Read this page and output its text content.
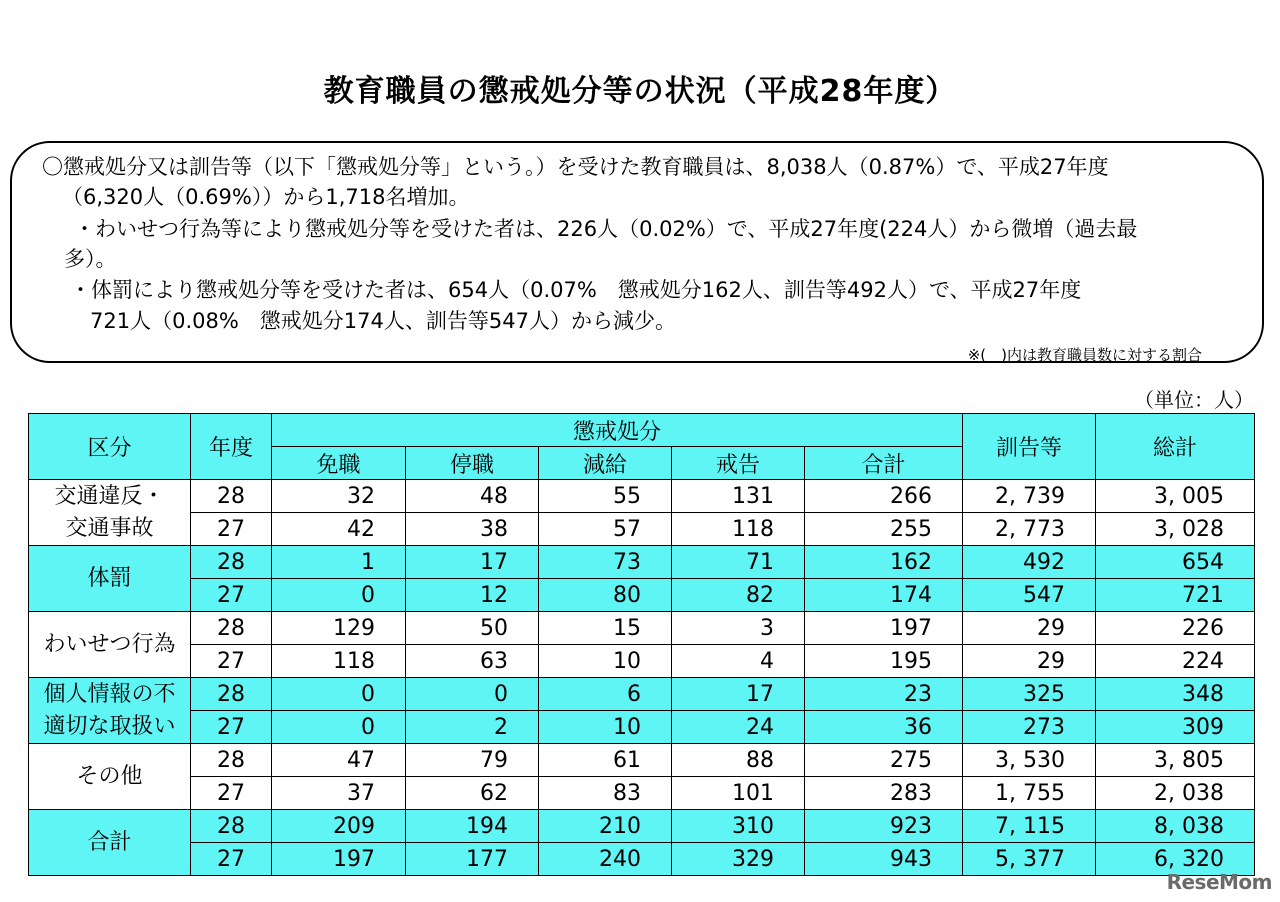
教育職員の懲戒処分等の状況（平成28年度）
〇懲戒処分又は訓告等（以下「懲戒処分等」という。）を受けた教育職員は、8,038人（0.87%）で、平成27年度
（6,320人（0.69%））から1,718名増加。
・わいせつ行為等により懲戒処分等を受けた者は、226人（0.02%）で、平成27年度(224人）から微増（過去最
多）。
・体罰により懲戒処分等を受けた者は、654人（0.07%　懲戒処分162人、訓告等492人）で、平成27年度
721人（0.08%　懲戒処分174人、訓告等547人）から減少。
※(　)内は教育職員数に対する割合
（単位：人）
区分	年度	懲戒処分					訓告等	総計
		免職	停職	減給	戒告	合計		

交通違反・
交通事故	28	32	48	55	131	266	2, 739	3, 005
	27	42	38	57	118	255	2, 773	3, 028

体罰	28	1	17	73	71	162	492	654
	27	0	12	80	82	174	547	721

わいせつ行為	28	129	50	15	3	197	29	226
	27	118	63	10	4	195	29	224

個人情報の不
適切な取扱い	28	0	0	6	17	23	325	348
	27	0	2	10	24	36	273	309

その他	28	47	79	61	88	275	3, 530	3, 805
	27	37	62	83	101	283	1, 755	2, 038

合計	28	209	194	210	310	923	7, 115	8, 038
	27	197	177	240	329	943	5, 377	6, 320
ReseMom
